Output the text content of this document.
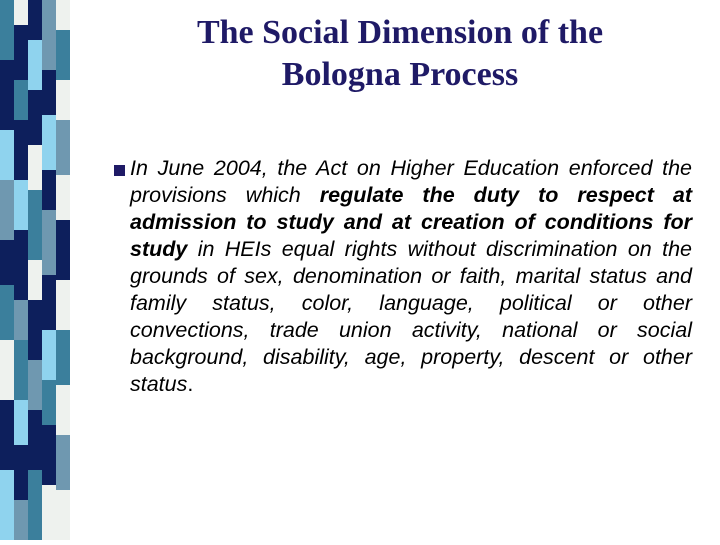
The Social Dimension of the
Bologna Process
In June 2004, the Act on Higher Education enforced the provisions which regulate the duty to respect at admission to study and at creation of conditions for study in HEIs equal rights without discrimination on the grounds of sex, denomination or faith, marital status and family status, color, language, political or other convections, trade union activity, national or social background, disability, age, property, descent or other status.
